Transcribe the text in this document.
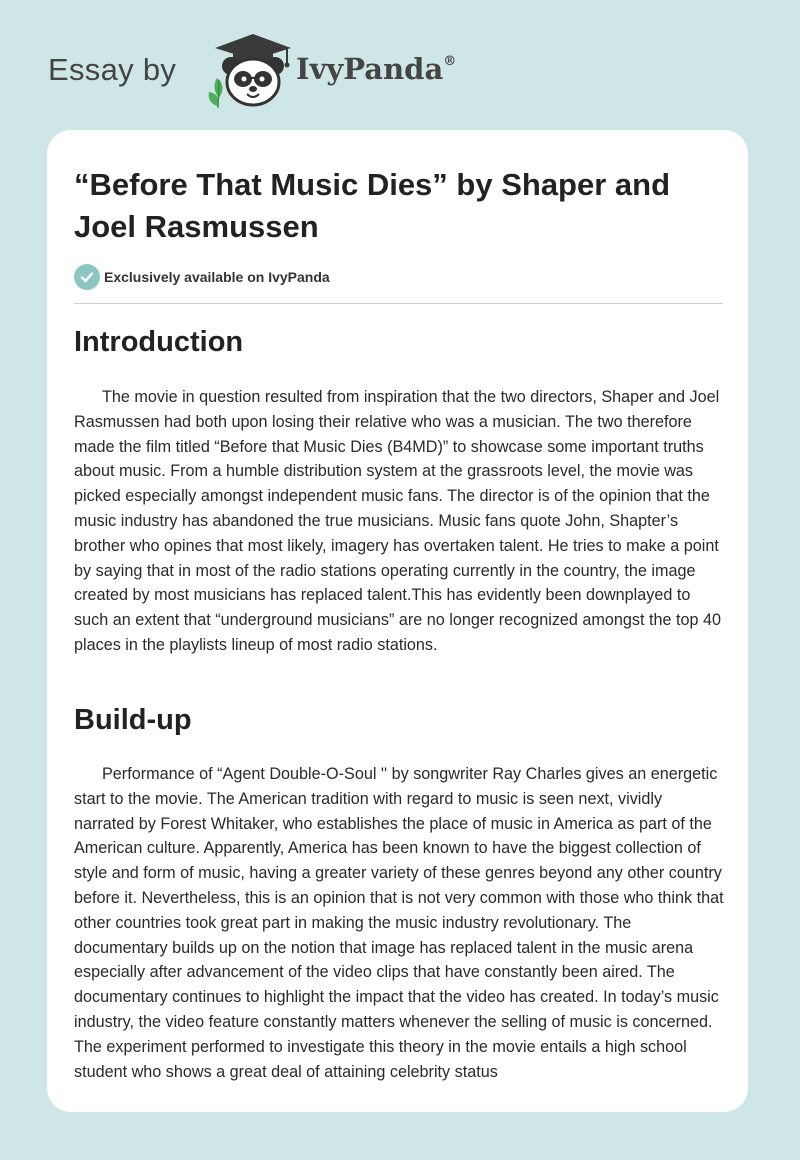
Essay by	IvyPanda®
“Before That Music Dies” by Shaper and Joel Rasmussen
Exclusively available on IvyPanda
Introduction

The movie in question resulted from inspiration that the two directors, Shaper and Joel Rasmussen had both upon losing their relative who was a musician. The two therefore made the film titled “Before that Music Dies (B4MD)” to showcase some important truths about music. From a humble distribution system at the grassroots level, the movie was picked especially amongst independent music fans. The director is of the opinion that the music industry has abandoned the true musicians. Music fans quote John, Shapter’s brother who opines that most likely, imagery has overtaken talent. He tries to make a point by saying that in most of the radio stations operating currently in the country, the image created by most musicians has replaced talent.This has evidently been downplayed to such an extent that “underground musicians” are no longer recognized amongst the top 40 places in the playlists lineup of most radio stations.

Build-up

Performance of “Agent Double-O-Soul '' by songwriter Ray Charles gives an energetic start to the movie. The American tradition with regard to music is seen next, vividly narrated by Forest Whitaker, who establishes the place of music in America as part of the American culture. Apparently, America has been known to have the biggest collection of style and form of music, having a greater variety of these genres beyond any other country before it. Nevertheless, this is an opinion that is not very common with those who think that other countries took great part in making the music industry revolutionary. The documentary builds up on the notion that image has replaced talent in the music arena especially after advancement of the video clips that have constantly been aired. The documentary continues to highlight the impact that the video has created. In today’s music industry, the video feature constantly matters whenever the selling of music is concerned. The experiment performed to investigate this theory in the movie entails a high school student who shows a great deal of attaining celebrity status
